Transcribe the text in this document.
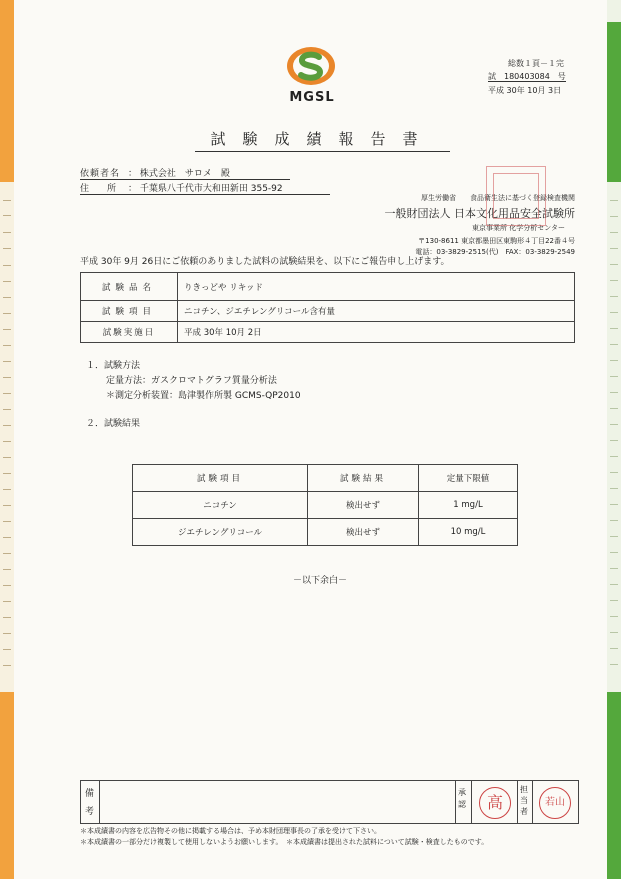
MGSL
総数１頁－１完
試　180403084　号
平成 30年 10月 3日
試験成績報告書
依頼者名 ： 株式会社　サロメ　殿
住　　所 ： 千葉県八千代市大和田新田 355-92
厚生労働省　　食品衛生法に基づく登録検査機関
一般財団法人 日本文化用品安全試験所
東京事業所 化学分析センター
〒130-8611 東京都墨田区東駒形４丁目22番４号
電話：03-3829-2515(代)　FAX：03-3829-2549
平成 30年 9月 26日にご依頼のありました試料の試験結果を、以下にご報告申し上げます。
試験品名	りきっどや リキッド
試験項目	ニコチン、ジエチレングリコール含有量
試験実施日	平成 30年 10月 2日
１．試験方法
定量方法：ガスクロマトグラフ質量分析法
＊測定分析装置：島津製作所製 GCMS-QP2010
２．試験結果
試験項目	試験結果	定量下限値
ニコチン	検出せず	1 mg/L
ジエチレングリコール	検出せず	10 mg/L
－以下余白－
備考
承認
担当者
高	若山
＊本成績書の内容を広告物その他に掲載する場合は、予め本財団理事長の了承を受けて下さい。
＊本成績書の一部分だけ複製して使用しないようお願いします。　＊本成績書は提出された試料について試験・検査したものです。
